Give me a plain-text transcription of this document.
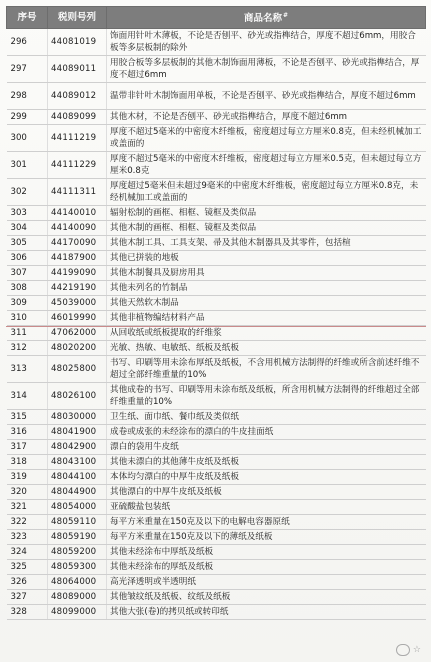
序号	税则号列	商品名称#
296	44081019	饰面用针叶木薄板，不论是否刨平、砂光或指榫结合，厚度不超过6mm，用胶合板等多层板制的除外
297	44089011	用胶合板等多层板制的其他木制饰面用薄板，不论是否刨平、砂光或指榫结合，厚度不超过6mm
298	44089012	温带非针叶木制饰面用单板，不论是否刨平、砂光或指榫结合，厚度不超过6mm
299	44089099	其他木材，不论是否刨平、砂光或指榫结合，厚度不超过6mm
300	44111219	厚度不超过5毫米的中密度木纤维板，密度超过每立方厘米0.8克，但未经机械加工或盖面的
301	44111229	厚度不超过5毫米的中密度木纤维板，密度超过每立方厘米0.5克，但未超过每立方厘米0.8克
302	44111311	厚度超过5毫米但未超过9毫米的中密度木纤维板，密度超过每立方厘米0.8克，未经机械加工或盖面的
303	44140010	辐射松制的画框、相框、镜框及类似品
304	44140090	其他木制的画框、相框、镜框及类似品
305	44170090	其他木制工具、工具支架、帚及其他木制器具及其零件，包括楦
306	44187900	其他已拼装的地板
307	44199090	其他木制餐具及厨房用具
308	44219190	其他未列名的竹制品
309	45039000	其他天然软木制品
310	46019990	其他非植物编结材料产品
311	47062000	从回收纸或纸板提取的纤维浆
312	48020200	光敏、热敏、电敏纸、纸板及纸板
313	48025800	书写、印刷等用未涂布厚纸及纸板，不含用机械方法制得的纤维或所含前述纤维不超过全部纤维重量的10%
314	48026100	其他成卷的书写、印刷等用未涂布纸及纸板，所含用机械方法制得的纤维超过全部纤维重量的10%
315	48030000	卫生纸、面巾纸、餐巾纸及类似纸
316	48041900	成卷或成张的未经涂布的漂白的牛皮挂面纸
317	48042900	漂白的袋用牛皮纸
318	48043100	其他未漂白的其他薄牛皮纸及纸板
319	48044100	本体均匀漂白的中厚牛皮纸及纸板
320	48044900	其他漂白的中厚牛皮纸及纸板
321	48054000	亚硫酸盐包装纸
322	48059110	每平方米重量在150克及以下的电解电容器原纸
323	48059190	每平方米重量在150克及以下的薄纸及纸板
324	48059200	其他未经涂布中厚纸及纸板
325	48059300	其他未经涂布的厚纸及纸板
326	48064000	高光泽透明或半透明纸
327	48089000	其他皱纹纸及纸板、纹纸及纸板
328	48099000	其他大张(卷)的拷贝纸或转印纸
☆
